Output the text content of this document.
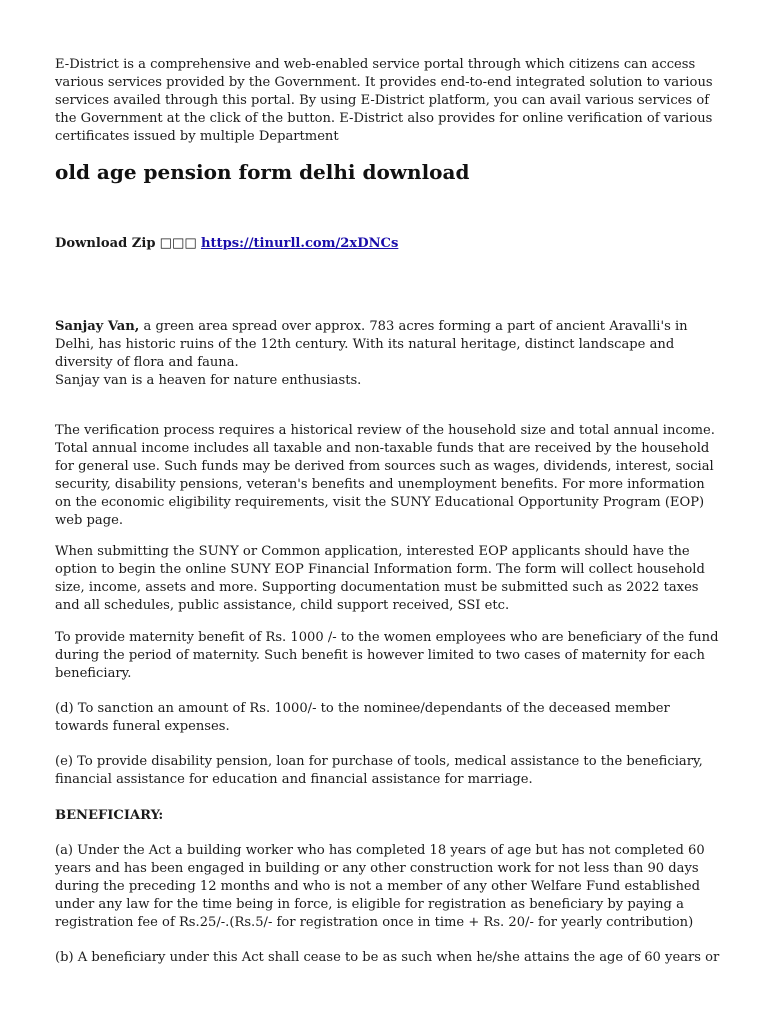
E-District is a comprehensive and web-enabled service portal through which citizens can access various services provided by the Government. It provides end-to-end integrated solution to various services availed through this portal. By using E-District platform, you can avail various services of the Government at the click of the button. E-District also provides for online verification of various certificates issued by multiple Department

old age pension form delhi download

Download Zip □□□ https://tinurll.com/2xDNCs

Sanjay Van, a green area spread over approx. 783 acres forming a part of ancient Aravalli's in Delhi, has historic ruins of the 12th century. With its natural heritage, distinct landscape and diversity of flora and fauna.
Sanjay van is a heaven for nature enthusiasts.

The verification process requires a historical review of the household size and total annual income. Total annual income includes all taxable and non-taxable funds that are received by the household for general use. Such funds may be derived from sources such as wages, dividends, interest, social security, disability pensions, veteran's benefits and unemployment benefits. For more information on the economic eligibility requirements, visit the SUNY Educational Opportunity Program (EOP) web page.

When submitting the SUNY or Common application, interested EOP applicants should have the option to begin the online SUNY EOP Financial Information form. The form will collect household size, income, assets and more. Supporting documentation must be submitted such as 2022 taxes and all schedules, public assistance, child support received, SSI etc.

To provide maternity benefit of Rs. 1000 /- to the women employees who are beneficiary of the fund during the period of maternity. Such benefit is however limited to two cases of maternity for each beneficiary.

(d) To sanction an amount of Rs. 1000/- to the nominee/dependants of the deceased member towards funeral expenses.

(e) To provide disability pension, loan for purchase of tools, medical assistance to the beneficiary, financial assistance for education and financial assistance for marriage.

BENEFICIARY:

(a) Under the Act a building worker who has completed 18 years of age but has not completed 60 years and has been engaged in building or any other construction work for not less than 90 days during the preceding 12 months and who is not a member of any other Welfare Fund established under any law for the time being in force, is eligible for registration as beneficiary by paying a registration fee of Rs.25/-.(Rs.5/- for registration once in time + Rs. 20/- for yearly contribution)

(b) A beneficiary under this Act shall cease to be as such when he/she attains the age of 60 years or
